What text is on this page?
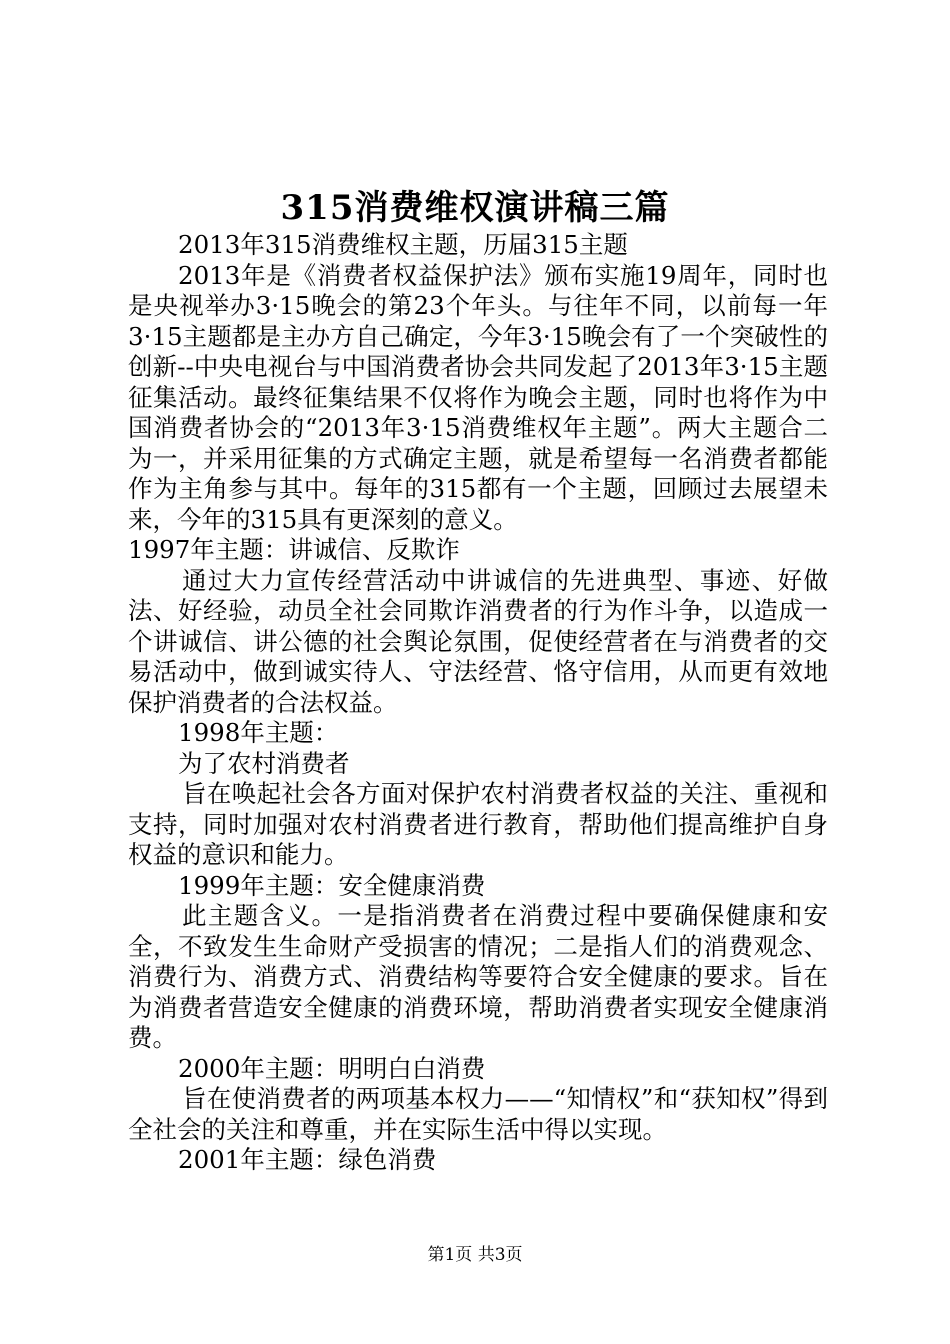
315消费维权演讲稿三篇

2013年315消费维权主题，历届315主题

2013年是《消费者权益保护法》颁布实施19周年，同时也是央视举办3·15晚会的第23个年头。与往年不同，以前每一年3·15主题都是主办方自己确定，今年3·15晚会有了一个突破性的创新--中央电视台与中国消费者协会共同发起了2013年3·15主题征集活动。最终征集结果不仅将作为晚会主题，同时也将作为中国消费者协会的“2013年3·15消费维权年主题”。两大主题合二为一，并采用征集的方式确定主题，就是希望每一名消费者都能作为主角参与其中。每年的315都有一个主题，回顾过去展望未来，今年的315具有更深刻的意义。

1997年主题：讲诚信、反欺诈

通过大力宣传经营活动中讲诚信的先进典型、事迹、好做法、好经验，动员全社会同欺诈消费者的行为作斗争，以造成一个讲诚信、讲公德的社会舆论氛围，促使经营者在与消费者的交易活动中，做到诚实待人、守法经营、恪守信用，从而更有效地保护消费者的合法权益。

1998年主题：

为了农村消费者

旨在唤起社会各方面对保护农村消费者权益的关注、重视和支持，同时加强对农村消费者进行教育，帮助他们提高维护自身权益的意识和能力。

1999年主题：安全健康消费

此主题含义。一是指消费者在消费过程中要确保健康和安全，不致发生生命财产受损害的情况；二是指人们的消费观念、消费行为、消费方式、消费结构等要符合安全健康的要求。旨在为消费者营造安全健康的消费环境，帮助消费者实现安全健康消费。

2000年主题：明明白白消费

旨在使消费者的两项基本权力——“知情权”和“获知权”得到全社会的关注和尊重，并在实际生活中得以实现。

2001年主题：绿色消费

第1页 共3页
